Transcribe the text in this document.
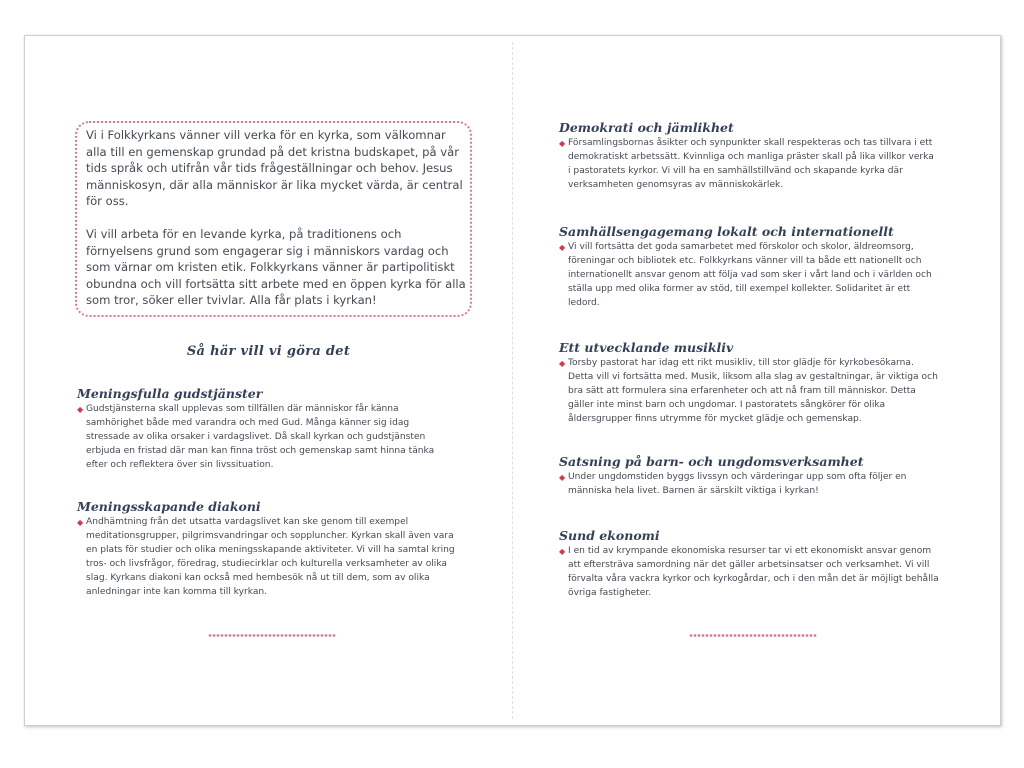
Vi i Folkkyrkans vänner vill verka för en kyrka, som välkomnar alla till en gemenskap grundad på det kristna budskapet, på vår tids språk och utifrån vår tids frågeställningar och behov. Jesus människosyn, där alla människor är lika mycket värda, är central för oss.

Vi vill arbeta för en levande kyrka, på traditionens och förnyelsens grund som engagerar sig i människors vardag och som värnar om kristen etik. Folkkyrkans vänner är partipolitiskt obundna och vill fortsätta sitt arbete med en öppen kyrka för alla som tror, söker eller tvivlar. Alla får plats i kyrkan!

Så här vill vi göra det
Meningsfulla gudstjänster
◆ Gudstjänsterna skall upplevas som tillfällen där människor får känna samhörighet både med varandra och med Gud. Många känner sig idag stressade av olika orsaker i vardagslivet. Då skall kyrkan och gudstjänsten erbjuda en fristad där man kan finna tröst och gemenskap samt hinna tänka efter och reflektera över sin livssituation.

Meningsskapande diakoni
◆ Andhämtning från det utsatta vardagslivet kan ske genom till exempel meditationsgrupper, pilgrimsvandringar och soppluncher. Kyrkan skall även vara en plats för studier och olika meningsskapande aktiviteter. Vi vill ha samtal kring tros- och livsfrågor, föredrag, studiecirklar och kulturella verksamheter av olika slag. Kyrkans diakoni kan också med hembesök nå ut till dem, som av olika anledningar inte kan komma till kyrkan.

Demokrati och jämlikhet
◆ Församlingsbornas åsikter och synpunkter skall respekteras och tas tillvara i ett demokratiskt arbetssätt. Kvinnliga och manliga präster skall på lika villkor verka i pastoratets kyrkor. Vi vill ha en samhällstillvänd och skapande kyrka där verksamheten genomsyras av människokärlek.

Samhällsengagemang lokalt och internationellt
◆ Vi vill fortsätta det goda samarbetet med förskolor och skolor, äldreomsorg, föreningar och bibliotek etc. Folkkyrkans vänner vill ta både ett nationellt och internationellt ansvar genom att följa vad som sker i vårt land och i världen och ställa upp med olika former av stöd, till exempel kollekter. Solidaritet är ett ledord.

Ett utvecklande musikliv
◆ Torsby pastorat har idag ett rikt musikliv, till stor glädje för kyrkobesökarna. Detta vill vi fortsätta med. Musik, liksom alla slag av gestaltningar, är viktiga och bra sätt att formulera sina erfarenheter och att nå fram till människor. Detta gäller inte minst barn och ungdomar. I pastoratets sångkörer för olika åldersgrupper finns utrymme för mycket glädje och gemenskap.

Satsning på barn- och ungdomsverksamhet
◆ Under ungdomstiden byggs livssyn och värderingar upp som ofta följer en människa hela livet. Barnen är särskilt viktiga i kyrkan!

Sund ekonomi
◆ I en tid av krympande ekonomiska resurser tar vi ett ekonomiskt ansvar genom att eftersträva samordning när det gäller arbetsinsatser och verksamhet. Vi vill förvalta våra vackra kyrkor och kyrkogårdar, och i den mån det är möjligt behålla övriga fastigheter.
